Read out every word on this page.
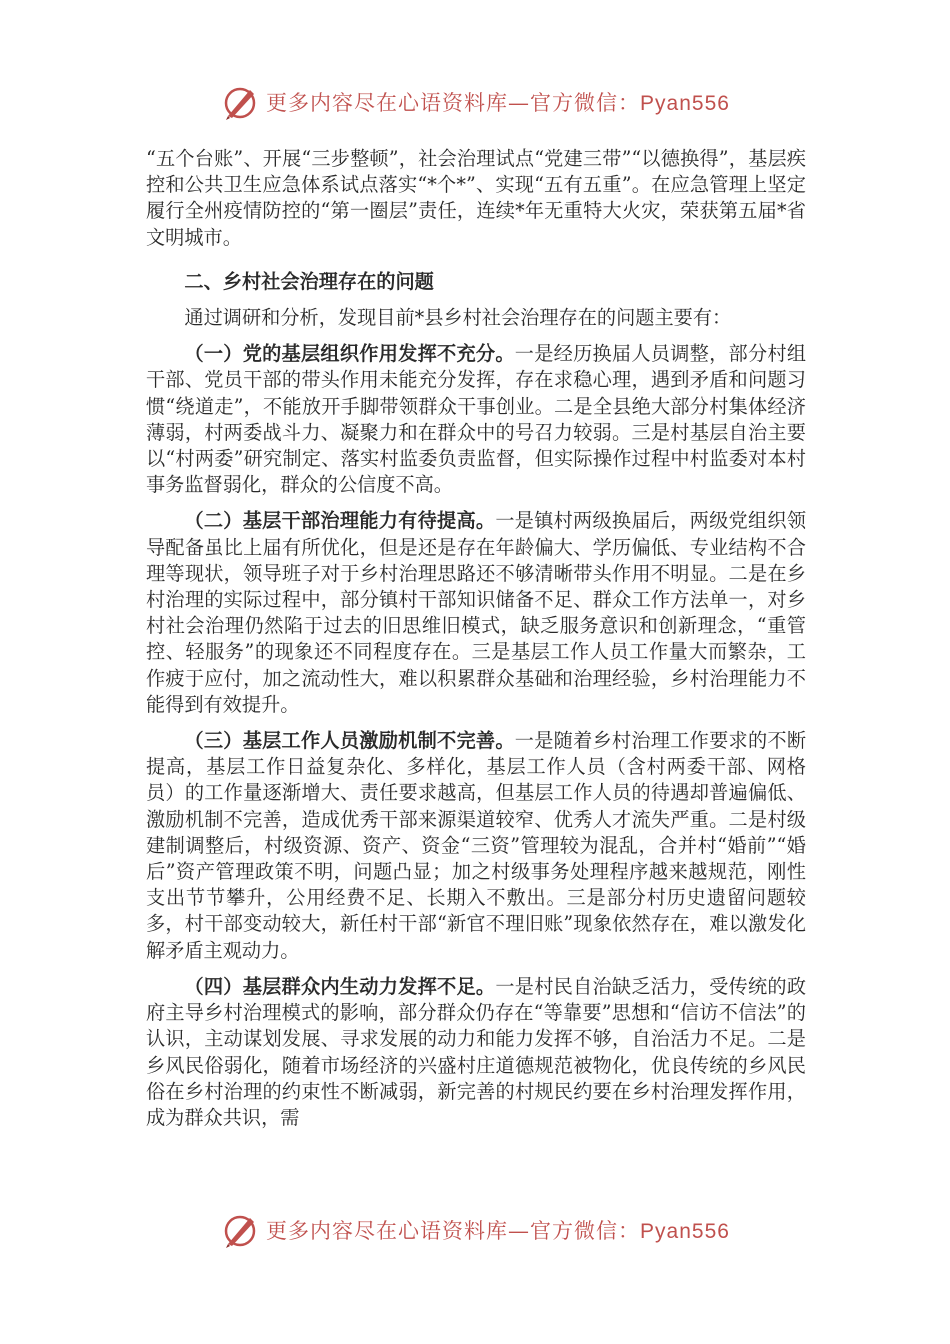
更多内容尽在心语资料库—官方微信：Pyan556

“五个台账”、开展“三步整顿”，社会治理试点“党建三带”“以德换得”，基层疾控和公共卫生应急体系试点落实“*个*”、实现“五有五重”。在应急管理上坚定履行全州疫情防控的“第一圈层”责任，连续*年无重特大火灾，荣获第五届*省文明城市。

二、乡村社会治理存在的问题

通过调研和分析，发现目前*县乡村社会治理存在的问题主要有：

（一）党的基层组织作用发挥不充分。一是经历换届人员调整，部分村组干部、党员干部的带头作用未能充分发挥，存在求稳心理，遇到矛盾和问题习惯“绕道走”，不能放开手脚带领群众干事创业。二是全县绝大部分村集体经济薄弱，村两委战斗力、凝聚力和在群众中的号召力较弱。三是村基层自治主要以“村两委”研究制定、落实村监委负责监督，但实际操作过程中村监委对本村事务监督弱化，群众的公信度不高。

（二）基层干部治理能力有待提高。一是镇村两级换届后，两级党组织领导配备虽比上届有所优化，但是还是存在年龄偏大、学历偏低、专业结构不合理等现状，领导班子对于乡村治理思路还不够清晰带头作用不明显。二是在乡村治理的实际过程中，部分镇村干部知识储备不足、群众工作方法单一，对乡村社会治理仍然陷于过去的旧思维旧模式，缺乏服务意识和创新理念，“重管控、轻服务”的现象还不同程度存在。三是基层工作人员工作量大而繁杂，工作疲于应付，加之流动性大，难以积累群众基础和治理经验，乡村治理能力不能得到有效提升。

（三）基层工作人员激励机制不完善。一是随着乡村治理工作要求的不断提高，基层工作日益复杂化、多样化，基层工作人员（含村两委干部、网格员）的工作量逐渐增大、责任要求越高，但基层工作人员的待遇却普遍偏低、激励机制不完善，造成优秀干部来源渠道较窄、优秀人才流失严重。二是村级建制调整后，村级资源、资产、资金“三资”管理较为混乱，合并村“婚前”“婚后”资产管理政策不明，问题凸显；加之村级事务处理程序越来越规范，刚性支出节节攀升，公用经费不足、长期入不敷出。三是部分村历史遗留问题较多，村干部变动较大，新任村干部“新官不理旧账”现象依然存在，难以激发化解矛盾主观动力。

（四）基层群众内生动力发挥不足。一是村民自治缺乏活力，受传统的政府主导乡村治理模式的影响，部分群众仍存在“等靠要”思想和“信访不信法”的认识，主动谋划发展、寻求发展的动力和能力发挥不够，自治活力不足。二是乡风民俗弱化，随着市场经济的兴盛村庄道德规范被物化，优良传统的乡风民俗在乡村治理的约束性不断减弱，新完善的村规民约要在乡村治理发挥作用，成为群众共识，需

更多内容尽在心语资料库—官方微信：Pyan556
